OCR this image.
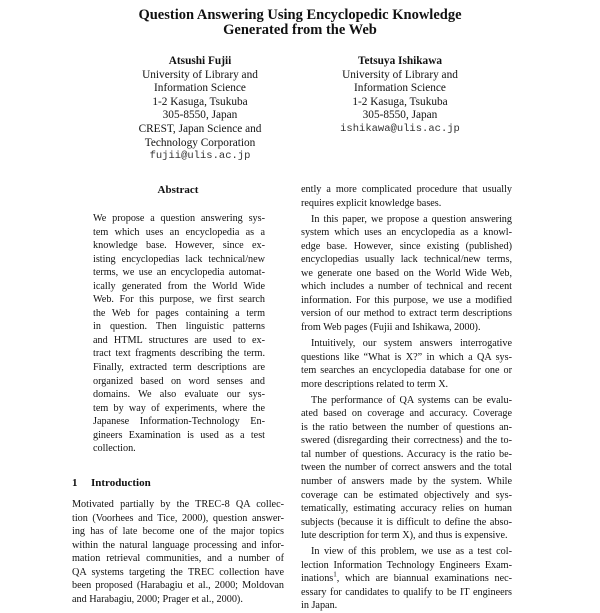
Question Answering Using Encyclopedic Knowledge
Generated from the Web
Atsushi Fujii
University of Library and
Information Science
1-2 Kasuga, Tsukuba
305-8550, Japan
CREST, Japan Science and
Technology Corporation
fujii@ulis.ac.jp
Tetsuya Ishikawa
University of Library and
Information Science
1-2 Kasuga, Tsukuba
305-8550, Japan
ishikawa@ulis.ac.jp
Abstract
We propose a question answering sys-
tem which uses an encyclopedia as a
knowledge base. However, since ex-
isting encyclopedias lack technical/new
terms, we use an encyclopedia automat-
ically generated from the World Wide
Web. For this purpose, we first search
the Web for pages containing a term
in question. Then linguistic patterns
and HTML structures are used to ex-
tract text fragments describing the term.
Finally, extracted term descriptions are
organized based on word senses and
domains. We also evaluate our sys-
tem by way of experiments, where the
Japanese Information-Technology En-
gineers Examination is used as a test
collection.
1 Introduction
Motivated partially by the TREC-8 QA collec-
tion (Voorhees and Tice, 2000), question answer-
ing has of late become one of the major topics
within the natural language processing and infor-
mation retrieval communities, and a number of
QA systems targeting the TREC collection have
been proposed (Harabagiu et al., 2000; Moldovan
and Harabagiu, 2000; Prager et al., 2000).

ently a more complicated procedure that usually
requires explicit knowledge bases.

In this paper, we propose a question answering
system which uses an encyclopedia as a knowl-
edge base. However, since existing (published)
encyclopedias usually lack technical/new terms,
we generate one based on the World Wide Web,
which includes a number of technical and recent
information. For this purpose, we use a modified
version of our method to extract term descriptions
from Web pages (Fujii and Ishikawa, 2000).

Intuitively, our system answers interrogative
questions like “What is X?” in which a QA sys-
tem searches an encyclopedia database for one or
more descriptions related to term X.

The performance of QA systems can be evalu-
ated based on coverage and accuracy. Coverage
is the ratio between the number of questions an-
swered (disregarding their correctness) and the to-
tal number of questions. Accuracy is the ratio be-
tween the number of correct answers and the total
number of answers made by the system. While
coverage can be estimated objectively and sys-
tematically, estimating accuracy relies on human
subjects (because it is difficult to define the abso-
lute description for term X), and thus is expensive.

In view of this problem, we use as a test col-
lection Information Technology Engineers Exam-
inations$^1$, which are biannual examinations nec-
essary for candidates to qualify to be IT engineers
in Japan.
